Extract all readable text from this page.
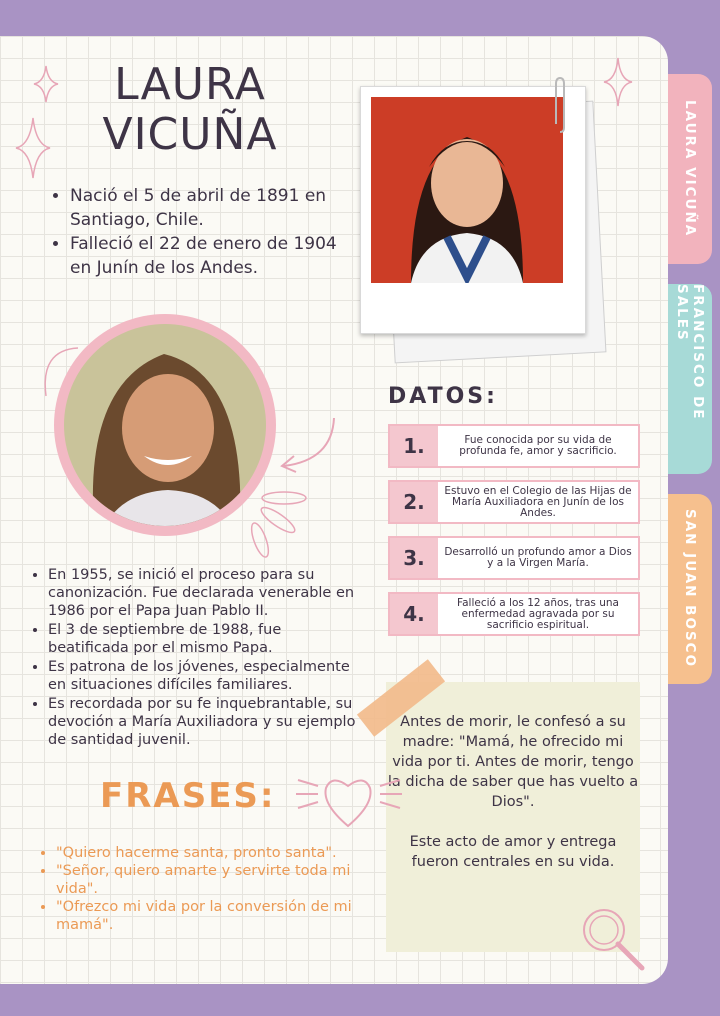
LAURA
VICUÑA
• Nació el 5 de abril de 1891 en Santiago, Chile.
• Falleció el 22 de enero de 1904 en Junín de los Andes.
• En 1955, se inició el proceso para su canonización. Fue declarada venerable en 1986 por el Papa Juan Pablo II.
• El 3 de septiembre de 1988, fue beatificada por el mismo Papa.
• Es patrona de los jóvenes, especialmente en situaciones difíciles familiares.
• Es recordada por su fe inquebrantable, su devoción a María Auxiliadora y su ejemplo de santidad juvenil.
DATOS:
1.	Fue conocida por su vida de profunda fe, amor y sacrificio.
2.	Estuvo en el Colegio de las Hijas de María Auxiliadora en Junín de los Andes.
3.	Desarrolló un profundo amor a Dios y a la Virgen María.
4.	Falleció a los 12 años, tras una enfermedad agravada por su sacrificio espiritual.

Antes de morir, le confesó a su madre: "Mamá, he ofrecido mi vida por ti. Antes de morir, tengo la dicha de saber que has vuelto a Dios".

Este acto de amor y entrega fueron centrales en su vida.

FRASES:
• "Quiero hacerme santa, pronto santa".
• "Señor, quiero amarte y servirte toda mi vida".
• "Ofrezco mi vida por la conversión de mi mamá".
LAURA VICUÑA
FRANCISCO DE SALES
SAN JUAN BOSCO
